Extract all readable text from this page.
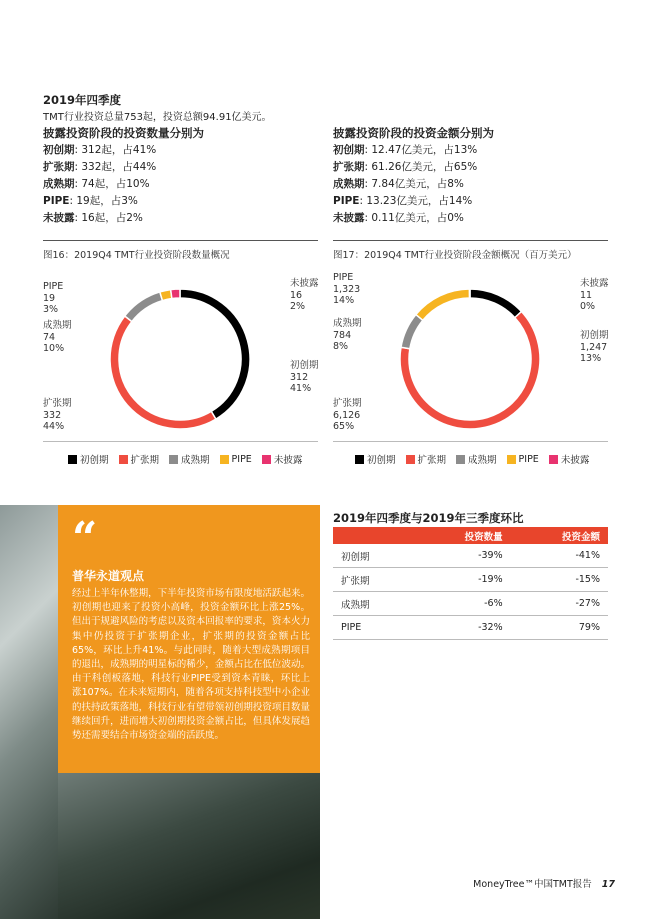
2019年四季度
TMT行业投资总量753起，投资总额94.91亿美元。
披露投资阶段的投资数量分别为
初创期: 312起，占41%
扩张期: 332起，占44%
成熟期: 74起，占10%
PIPE: 19起，占3%
未披露: 16起，占2%
披露投资阶段的投资金额分别为
初创期: 12.47亿美元，占13%
扩张期: 61.26亿美元，占65%
成熟期: 7.84亿美元，占8%
PIPE: 13.23亿美元，占14%
未披露: 0.11亿美元，占0%
图16：2019Q4 TMT行业投资阶段数量概况
PIPE
19
3%
成熟期
74
10%
扩张期
332
44%
未披露
16
2%
初创期
312
41%
初创期 扩张期 成熟期 PIPE 未披露
图17：2019Q4 TMT行业投资阶段金额概况（百万美元）
PIPE
1,323
14%
成熟期
784
8%
扩张期
6,126
65%
未披露
11
0%
初创期
1,247
13%
初创期 扩张期 成熟期 PIPE 未披露
“
普华永道观点
经过上半年休整期，下半年投资市场有限度地活跃起来。初创期也迎来了投资小高峰，投资金额环比上涨25%。但出于规避风险的考虑以及资本回报率的要求，资本火力集中仍投资于扩张期企业，扩张期的投资金额占比65%，环比上升41%。与此同时，随着大型成熟期项目的退出，成熟期的明星标的稀少，金额占比在低位波动。由于科创板落地，科技行业PIPE受到资本青睐，环比上涨107%。在未来短期内，随着各项支持科技型中小企业的扶持政策落地，科技行业有望带领初创期投资项目数量继续回升，进而增大初创期投资金额占比，但具体发展趋势还需要结合市场资金端的活跃度。
2019年四季度与2019年三季度环比
	投资数量	投资金额
初创期	-39%	-41%
扩张期	-19%	-15%
成熟期	-6%	-27%
PIPE	-32%	79%
MoneyTree™中国TMT报告 17
